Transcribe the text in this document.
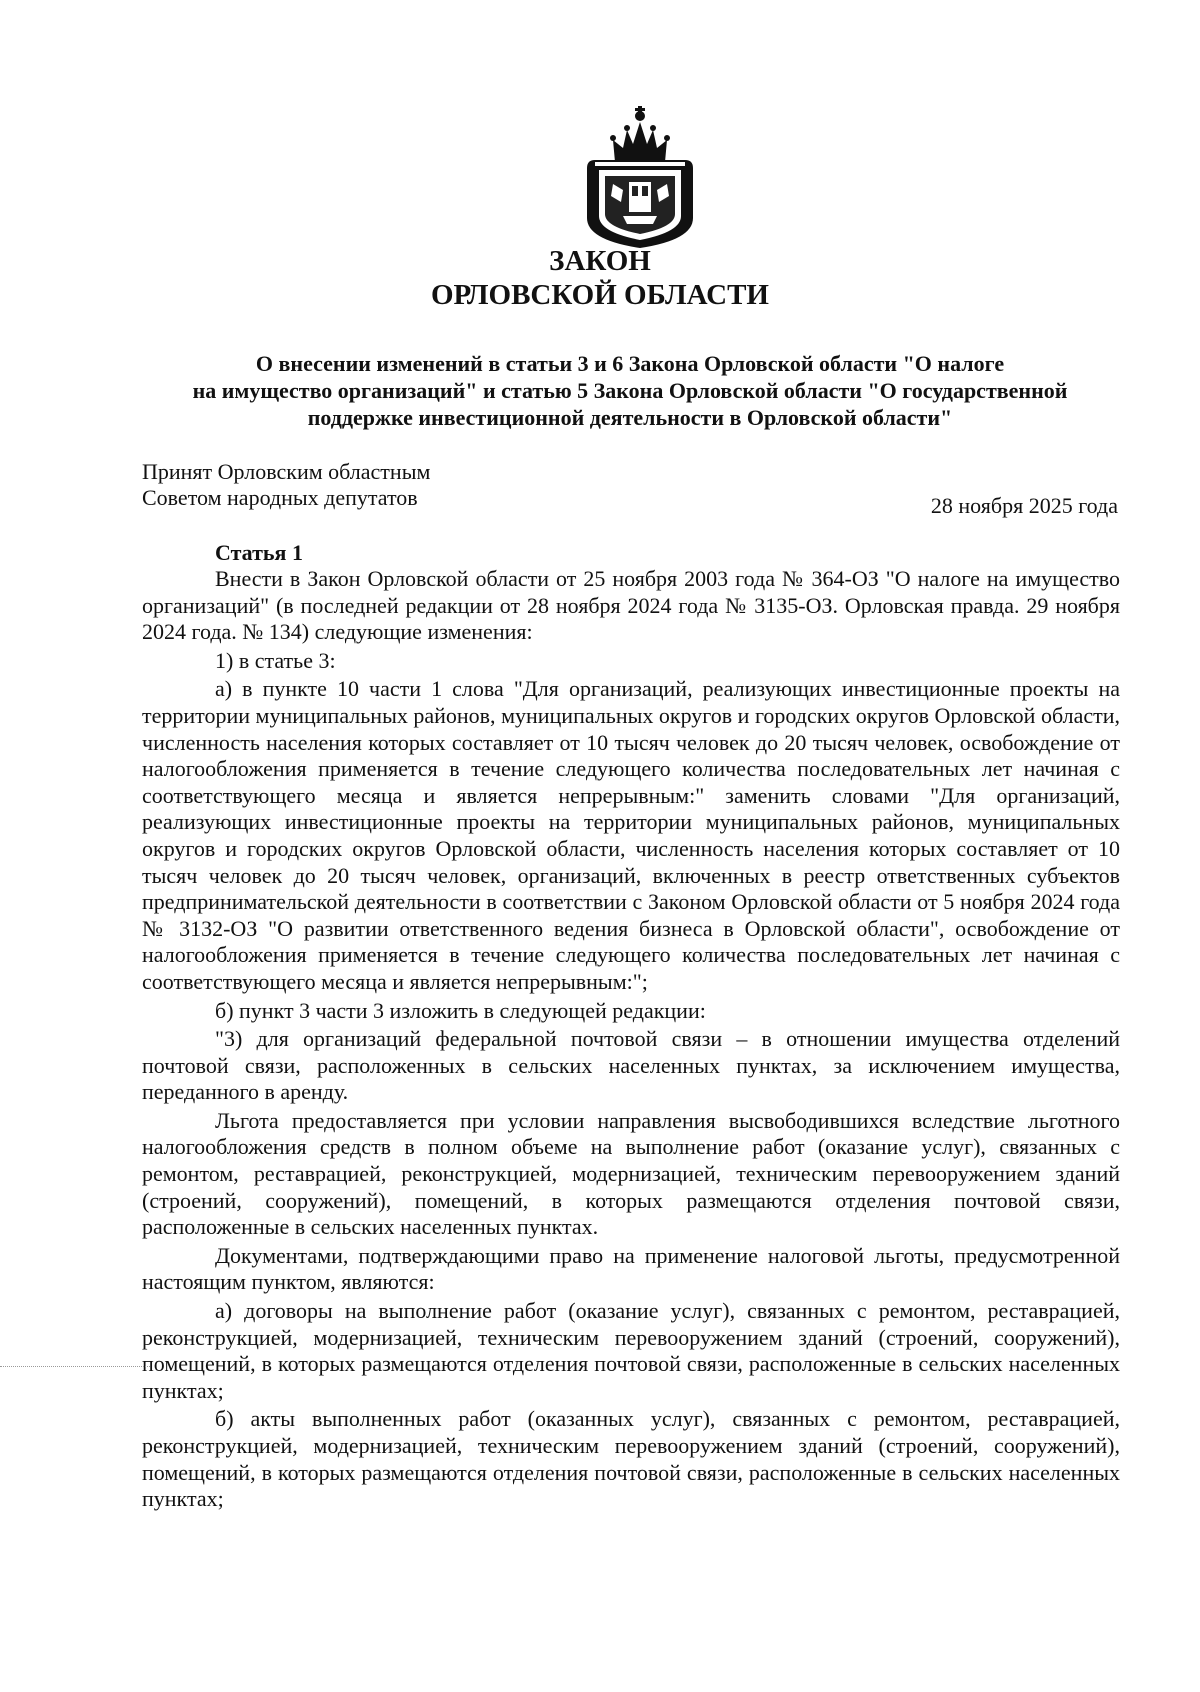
ЗАКОН
ОРЛОВСКОЙ ОБЛАСТИ
О внесении изменений в статьи 3 и 6 Закона Орловской области "О налоге
на имущество организаций" и статью 5 Закона Орловской области "О государственной
поддержке инвестиционной деятельности в Орловской области"
Принят Орловским областным
Советом народных депутатов	28 ноября 2025 года
Статья 1

Внести в Закон Орловской области от 25 ноября 2003 года № 364-ОЗ "О налоге на имущество организаций" (в последней редакции от 28 ноября 2024 года № 3135-ОЗ. Орловская правда. 29 ноября 2024 года. № 134) следующие изменения:

1) в статье 3:

а) в пункте 10 части 1 слова "Для организаций, реализующих инвестиционные проекты на территории муниципальных районов, муниципальных округов и городских округов Орловской области, численность населения которых составляет от 10 тысяч человек до 20 тысяч человек, освобождение от налогообложения применяется в течение следующего количества последовательных лет начиная с соответствующего месяца и является непрерывным:" заменить словами "Для организаций, реализующих инвестиционные проекты на территории муниципальных районов, муниципальных округов и городских округов Орловской области, численность населения которых составляет от 10 тысяч человек до 20 тысяч человек, организаций, включенных в реестр ответственных субъектов предпринимательской деятельности в соответствии с Законом Орловской области от 5 ноября 2024 года № 3132-ОЗ "О развитии ответственного ведения бизнеса в Орловской области", освобождение от налогообложения применяется в течение следующего количества последовательных лет начиная с соответствующего месяца и является непрерывным:";

б) пункт 3 части 3 изложить в следующей редакции:

"3) для организаций федеральной почтовой связи – в отношении имущества отделений почтовой связи, расположенных в сельских населенных пунктах, за исключением имущества, переданного в аренду.

Льгота предоставляется при условии направления высвободившихся вследствие льготного налогообложения средств в полном объеме на выполнение работ (оказание услуг), связанных с ремонтом, реставрацией, реконструкцией, модернизацией, техническим перевооружением зданий (строений, сооружений), помещений, в которых размещаются отделения почтовой связи, расположенные в сельских населенных пунктах.

Документами, подтверждающими право на применение налоговой льготы, предусмотренной настоящим пунктом, являются:

а) договоры на выполнение работ (оказание услуг), связанных с ремонтом, реставрацией, реконструкцией, модернизацией, техническим перевооружением зданий (строений, сооружений), помещений, в которых размещаются отделения почтовой связи, расположенные в сельских населенных пунктах;

б) акты выполненных работ (оказанных услуг), связанных с ремонтом, реставрацией, реконструкцией, модернизацией, техническим перевооружением зданий (строений, сооружений), помещений, в которых размещаются отделения почтовой связи, расположенные в сельских населенных пунктах;
